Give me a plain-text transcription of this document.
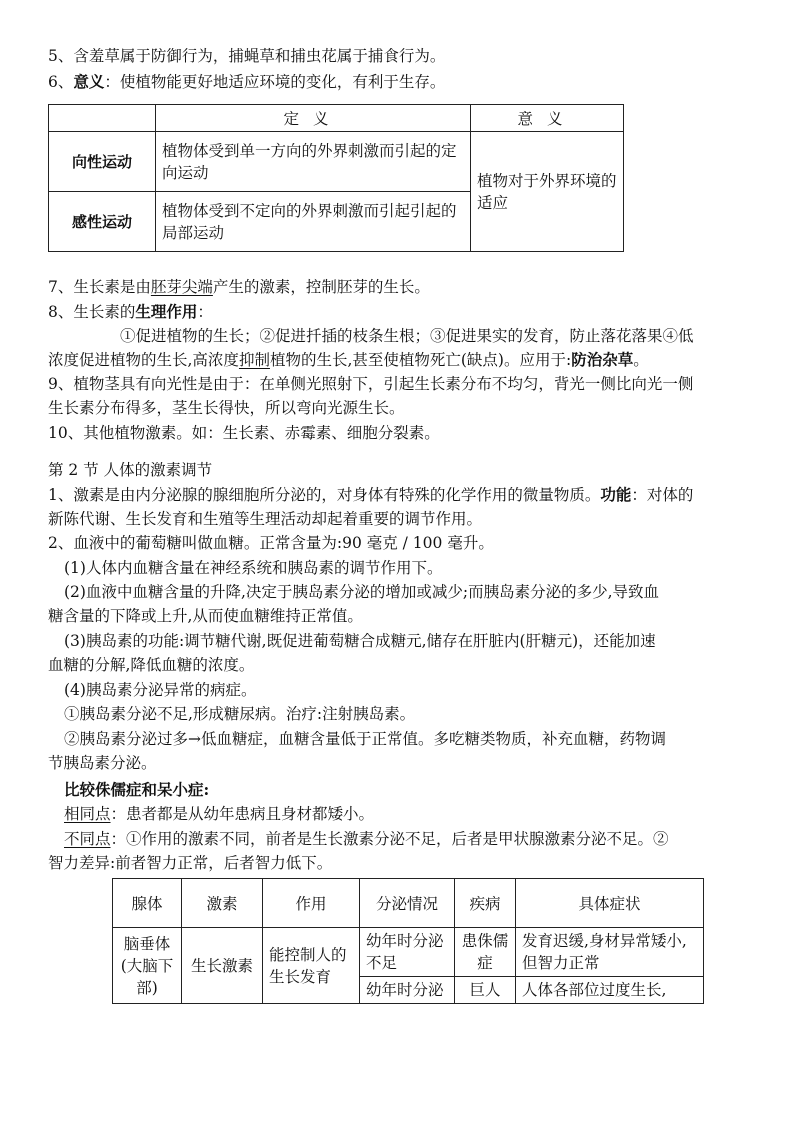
5、含羞草属于防御行为，捕蝇草和捕虫花属于捕食行为。
6、意义：使植物能更好地适应环境的变化，有利于生存。
	定义	意义
向性运动	植物体受到单一方向的外界刺激而引起的定向运动	植物对于外界环境的适应
感性运动	植物体受到不定向的外界刺激而引起引起的局部运动	
7、生长素是由胚芽尖端产生的激素，控制胚芽的生长。
8、生长素的生理作用：
①促进植物的生长；②促进扦插的枝条生根；③促进果实的发育，防止落花落果④低
浓度促进植物的生长,高浓度抑制植物的生长,甚至使植物死亡(缺点)。应用于:防治杂草。
9、植物茎具有向光性是由于：在单侧光照射下，引起生长素分布不均匀，背光一侧比向光一侧
生长素分布得多，茎生长得快，所以弯向光源生长。
10、其他植物激素。如：生长素、赤霉素、细胞分裂素。
第 2 节 人体的激素调节
1、激素是由内分泌腺的腺细胞所分泌的，对身体有特殊的化学作用的微量物质。功能：对体的
新陈代谢、生长发育和生殖等生理活动却起着重要的调节作用。
2、血液中的葡萄糖叫做血糖。正常含量为:90 毫克 / 100 毫升。
(1)人体内血糖含量在神经系统和胰岛素的调节作用下。
(2)血液中血糖含量的升降,决定于胰岛素分泌的增加或减少;而胰岛素分泌的多少,导致血
糖含量的下降或上升,从而使血糖维持正常值。
(3)胰岛素的功能:调节糖代谢,既促进葡萄糖合成糖元,储存在肝脏内(肝糖元)，还能加速
血糖的分解,降低血糖的浓度。
(4)胰岛素分泌异常的病症。
①胰岛素分泌不足,形成糖尿病。治疗:注射胰岛素。
②胰岛素分泌过多→低血糖症，血糖含量低于正常值。多吃糖类物质，补充血糖，药物调
节胰岛素分泌。
比较侏儒症和呆小症:
相同点：患者都是从幼年患病且身材都矮小。
不同点：①作用的激素不同，前者是生长激素分泌不足，后者是甲状腺激素分泌不足。②
智力差异:前者智力正常，后者智力低下。
腺体	激素	作用	分泌情况	疾病	具体症状
脑垂体(大脑下部)	生长激素	能控制人的生长发育	幼年时分泌不足	患侏儒症	发育迟缓,身材异常矮小,但智力正常
			幼年时分泌	巨人	人体各部位过度生长,
